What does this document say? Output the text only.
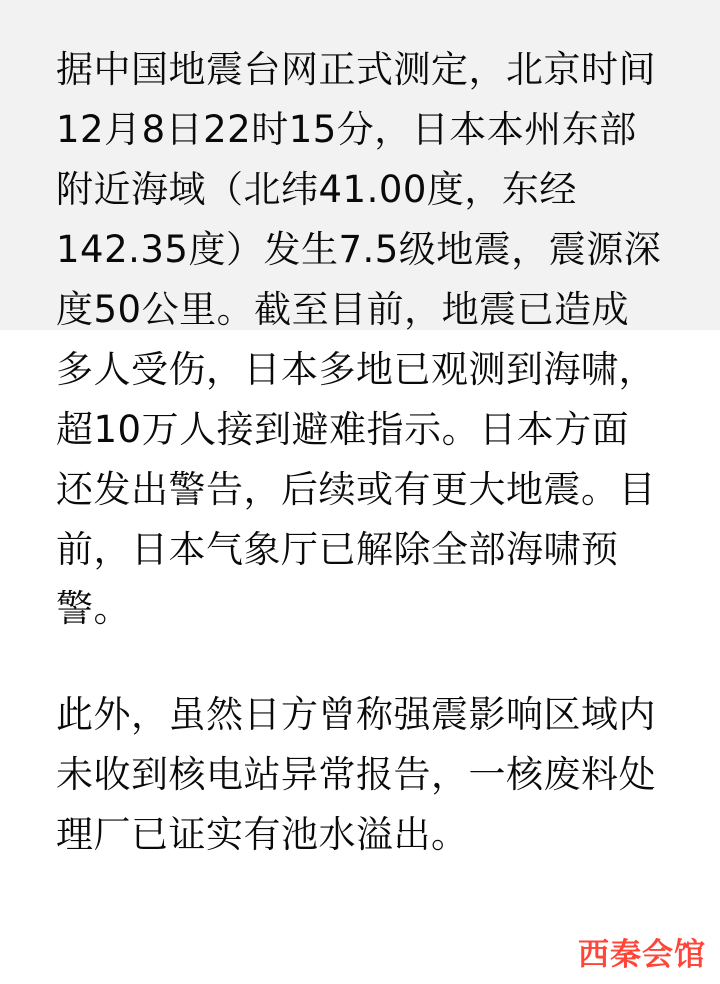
据中国地震台网正式测定，北京时间12月8日22时15分，日本本州东部附近海域（北纬41.00度，东经142.35度）发生7.5级地震，震源深度50公里。截至目前，地震已造成多人受伤，日本多地已观测到海啸，超10万人接到避难指示。日本方面还发出警告，后续或有更大地震。目前，日本气象厅已解除全部海啸预警。

此外，虽然日方曾称强震影响区域内未收到核电站异常报告，一核废料处理厂已证实有池水溢出。

西秦会馆
